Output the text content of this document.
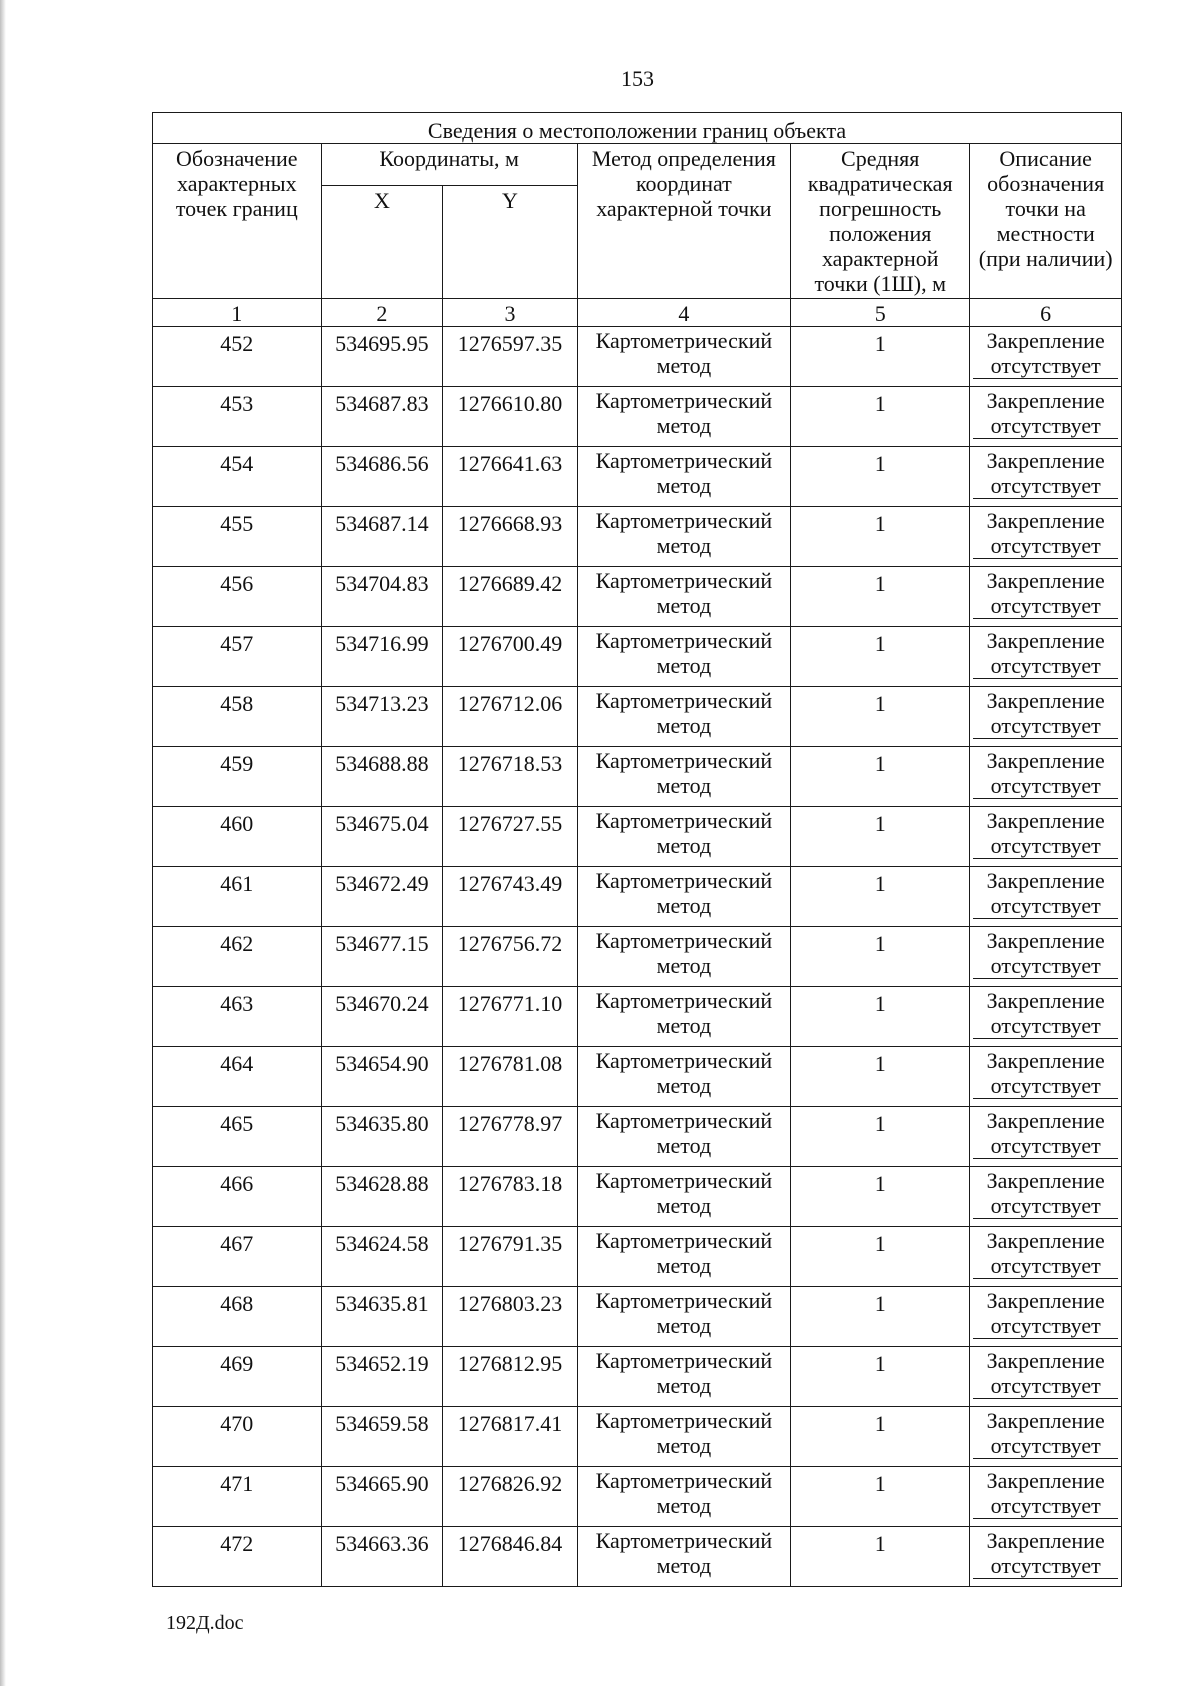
153
Сведения о местоположении границ объекта					
Обозначение характерных точек границ	Координаты, м		Метод определения координат характерной точки	Средняя квадратическая погрешность положения характерной точки (1Ш), м	Описание обозначения точки на местности (при наличии)
	X	Y			
1	2	3	4	5	6
452	534695.95	1276597.35	Картометрический метод	1	Закрепление отсутствует
453	534687.83	1276610.80	Картометрический метод	1	Закрепление отсутствует
454	534686.56	1276641.63	Картометрический метод	1	Закрепление отсутствует
455	534687.14	1276668.93	Картометрический метод	1	Закрепление отсутствует
456	534704.83	1276689.42	Картометрический метод	1	Закрепление отсутствует
457	534716.99	1276700.49	Картометрический метод	1	Закрепление отсутствует
458	534713.23	1276712.06	Картометрический метод	1	Закрепление отсутствует
459	534688.88	1276718.53	Картометрический метод	1	Закрепление отсутствует
460	534675.04	1276727.55	Картометрический метод	1	Закрепление отсутствует
461	534672.49	1276743.49	Картометрический метод	1	Закрепление отсутствует
462	534677.15	1276756.72	Картометрический метод	1	Закрепление отсутствует
463	534670.24	1276771.10	Картометрический метод	1	Закрепление отсутствует
464	534654.90	1276781.08	Картометрический метод	1	Закрепление отсутствует
465	534635.80	1276778.97	Картометрический метод	1	Закрепление отсутствует
466	534628.88	1276783.18	Картометрический метод	1	Закрепление отсутствует
467	534624.58	1276791.35	Картометрический метод	1	Закрепление отсутствует
468	534635.81	1276803.23	Картометрический метод	1	Закрепление отсутствует
469	534652.19	1276812.95	Картометрический метод	1	Закрепление отсутствует
470	534659.58	1276817.41	Картометрический метод	1	Закрепление отсутствует
471	534665.90	1276826.92	Картометрический метод	1	Закрепление отсутствует
472	534663.36	1276846.84	Картометрический метод	1	Закрепление отсутствует
192Д.doc
